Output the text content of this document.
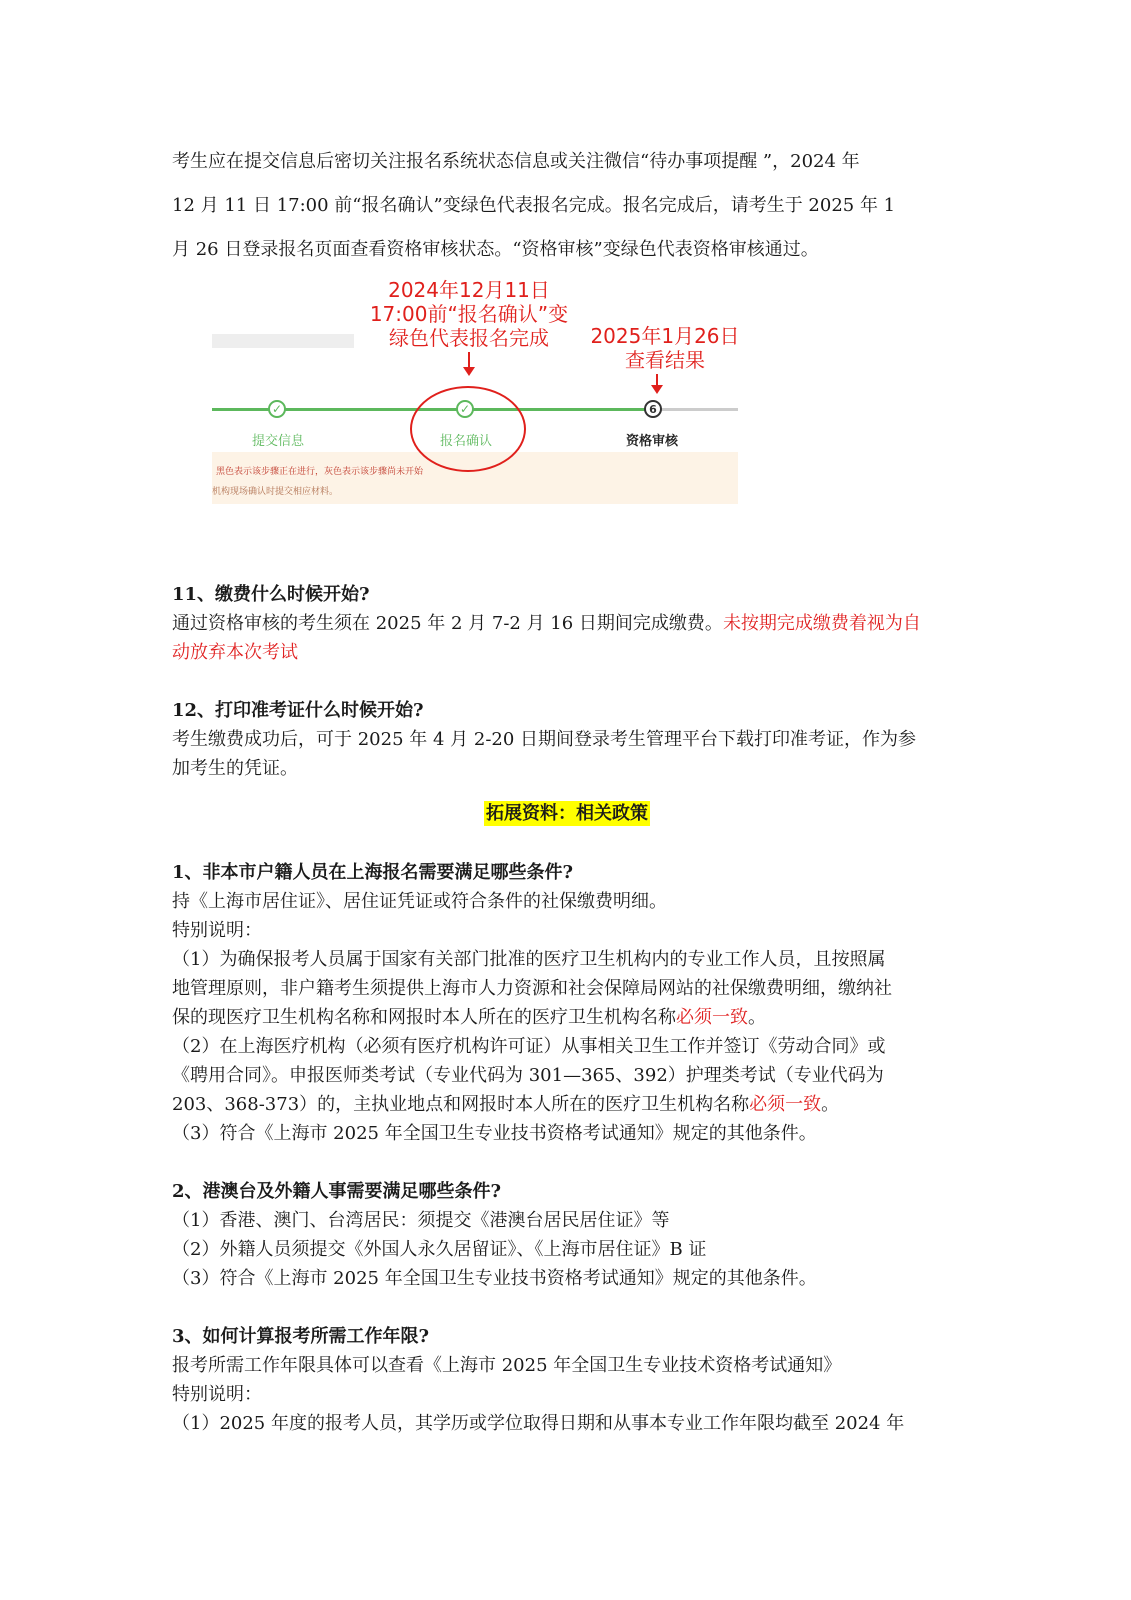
考生应在提交信息后密切关注报名系统状态信息或关注微信“待办事项提醒 ”，2024 年

12 月 11 日 17:00 前“报名确认”变绿色代表报名完成。报名完成后，请考生于 2025 年 1

月 26 日登录报名页面查看资格审核状态。“资格审核”变绿色代表资格审核通过。

2024年12月11日
17:00前“报名确认”变
绿色代表报名完成	2025年1月26日
查看结果
✓	✓	6
提交信息	报名确认	资格审核
黑色表示该步骤正在进行，灰色表示该步骤尚未开始
机构现场确认时提交相应材料。

11、缴费什么时候开始?

通过资格审核的考生须在 2025 年 2 月 7-2 月 16 日期间完成缴费。未按期完成缴费着视为自

动放弃本次考试

12、打印准考证什么时候开始?

考生缴费成功后，可于 2025 年 4 月 2-20 日期间登录考生管理平台下载打印准考证，作为参

加考生的凭证。

拓展资料：相关政策

1、非本市户籍人员在上海报名需要满足哪些条件?

持《上海市居住证》、居住证凭证或符合条件的社保缴费明细。

特别说明：

（1）为确保报考人员属于国家有关部门批准的医疗卫生机构内的专业工作人员，且按照属

地管理原则，非户籍考生须提供上海市人力资源和社会保障局网站的社保缴费明细，缴纳社

保的现医疗卫生机构名称和网报时本人所在的医疗卫生机构名称必须一致。

（2）在上海医疗机构（必须有医疗机构许可证）从事相关卫生工作并签订《劳动合同》或

《聘用合同》。申报医师类考试（专业代码为 301—365、392）护理类考试（专业代码为

203、368-373）的，主执业地点和网报时本人所在的医疗卫生机构名称必须一致。

（3）符合《上海市 2025 年全国卫生专业技书资格考试通知》规定的其他条件。

2、港澳台及外籍人事需要满足哪些条件?

（1）香港、澳门、台湾居民：须提交《港澳台居民居住证》等

（2）外籍人员须提交《外国人永久居留证》、《上海市居住证》B 证

（3）符合《上海市 2025 年全国卫生专业技书资格考试通知》规定的其他条件。

3、如何计算报考所需工作年限?

报考所需工作年限具体可以查看《上海市 2025 年全国卫生专业技术资格考试通知》

特别说明：

（1）2025 年度的报考人员，其学历或学位取得日期和从事本专业工作年限均截至 2024 年
